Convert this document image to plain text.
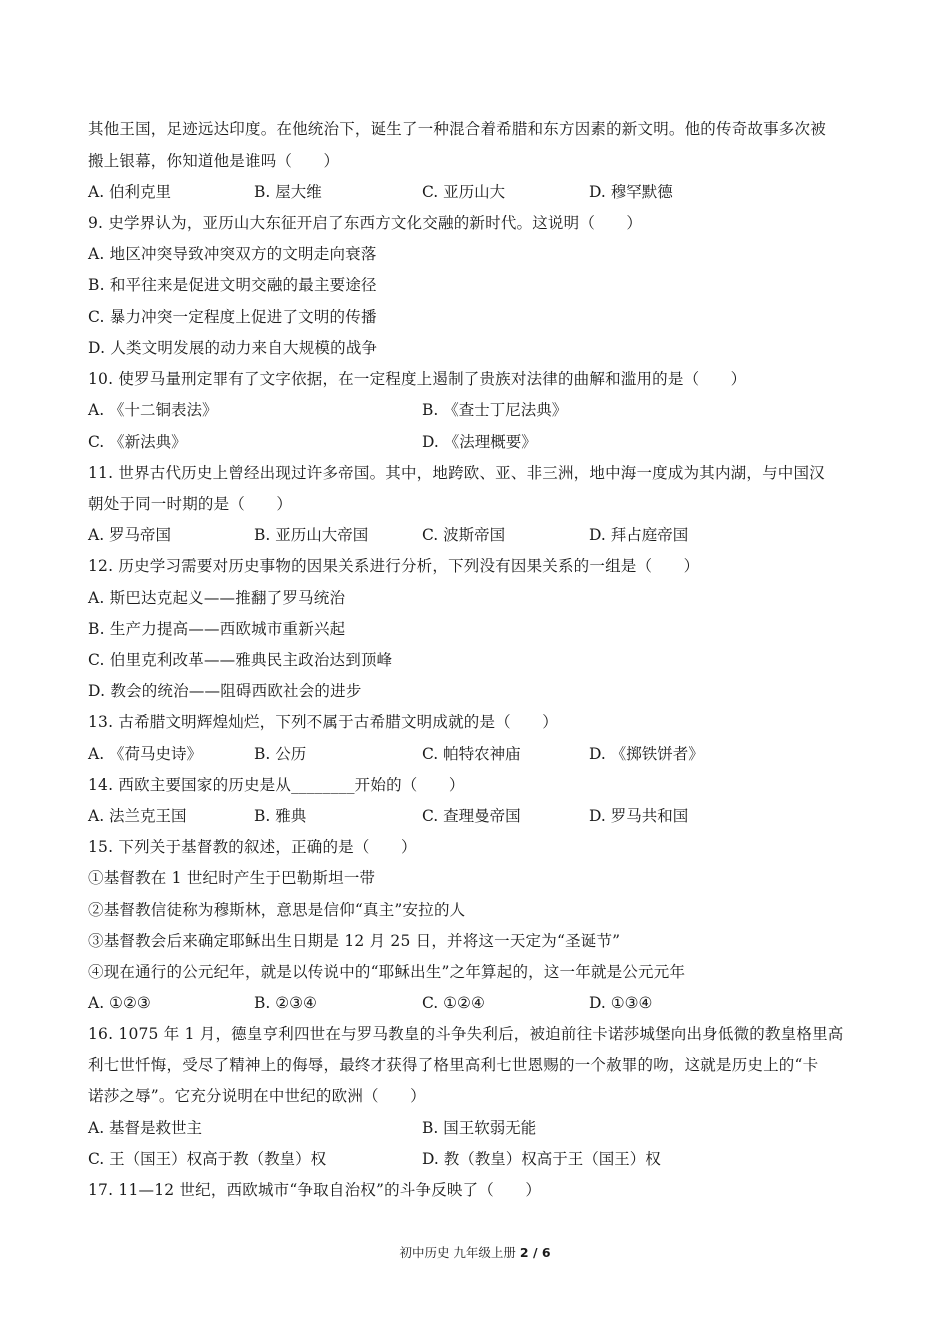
其他王国，足迹远达印度。在他统治下，诞生了一种混合着希腊和东方因素的新文明。他的传奇故事多次被
搬上银幕，你知道他是谁吗（　　）
A. 伯利克里	B. 屋大维	C. 亚历山大	D. 穆罕默德
9. 史学界认为，亚历山大东征开启了东西方文化交融的新时代。这说明（　　）
A. 地区冲突导致冲突双方的文明走向衰落
B. 和平往来是促进文明交融的最主要途径
C. 暴力冲突一定程度上促进了文明的传播
D. 人类文明发展的动力来自大规模的战争
10. 使罗马量刑定罪有了文字依据，在一定程度上遏制了贵族对法律的曲解和滥用的是（　　）
A. 《十二铜表法》	B. 《查士丁尼法典》
C. 《新法典》	D. 《法理概要》
11. 世界古代历史上曾经出现过许多帝国。其中，地跨欧、亚、非三洲，地中海一度成为其内湖，与中国汉
朝处于同一时期的是（　　）
A. 罗马帝国	B. 亚历山大帝国	C. 波斯帝国	D. 拜占庭帝国
12. 历史学习需要对历史事物的因果关系进行分析，下列没有因果关系的一组是（　　）
A. 斯巴达克起义——推翻了罗马统治
B. 生产力提高——西欧城市重新兴起
C. 伯里克利改革——雅典民主政治达到顶峰
D. 教会的统治——阻碍西欧社会的进步
13. 古希腊文明辉煌灿烂，下列不属于古希腊文明成就的是（　　）
A. 《荷马史诗》	B. 公历	C. 帕特农神庙	D. 《掷铁饼者》
14. 西欧主要国家的历史是从________开始的（　　）
A. 法兰克王国	B. 雅典	C. 查理曼帝国	D. 罗马共和国
15. 下列关于基督教的叙述，正确的是（　　）
①基督教在 1 世纪时产生于巴勒斯坦一带
②基督教信徒称为穆斯林，意思是信仰“真主”安拉的人
③基督教会后来确定耶稣出生日期是 12 月 25 日，并将这一天定为“圣诞节”
④现在通行的公元纪年，就是以传说中的“耶稣出生”之年算起的，这一年就是公元元年
A. ①②③	B. ②③④	C. ①②④	D. ①③④
16. 1075 年 1 月，德皇亨利四世在与罗马教皇的斗争失利后，被迫前往卡诺莎城堡向出身低微的教皇格里高
利七世忏悔，受尽了精神上的侮辱，最终才获得了格里高利七世恩赐的一个赦罪的吻，这就是历史上的“卡
诺莎之辱”。它充分说明在中世纪的欧洲（　　）
A. 基督是救世主	B. 国王软弱无能
C. 王（国王）权高于教（教皇）权	D. 教（教皇）权高于王（国王）权
17. 11—12 世纪，西欧城市“争取自治权”的斗争反映了（　　）
初中历史 九年级上册 2 / 6
